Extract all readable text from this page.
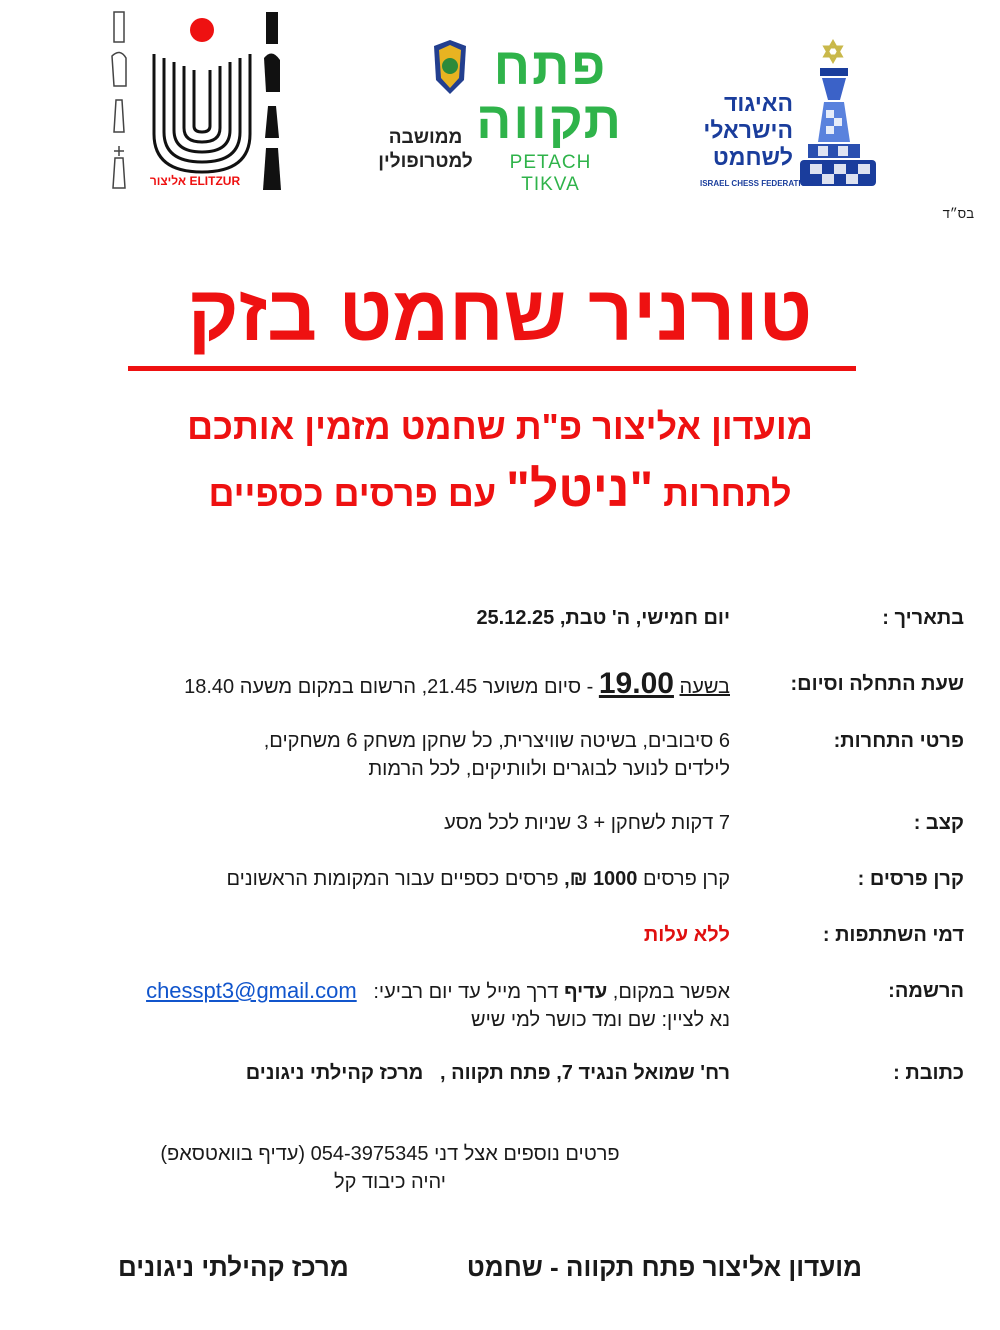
האיגוד
הישראלי
לשחמט
ISRAEL CHESS FEDERATION
פתח תקווה
PETACH TIKVA
ממושבה
למטרופולין
אליצור ELITZUR
בס״ד
טורניר שחמט בזק
מועדון אליצור פ"ת שחמט מזמין אותכם
לתחרות "ניטל" עם פרסים כספיים
בתאריך :
יום חמישי, ה' טבת, 25.12.25
שעת התחלה וסיום:
בשעה 19.00 - סיום משוער 21.45, הרשום במקום משעה 18.40
פרטי התחרות:
6 סיבובים, בשיטה שוויצרית, כל שחקן משחק 6 משחקים,
לילדים לנוער לבוגרים ולוותיקים, לכל הרמות
קצב :
7 דקות לשחקן + 3 שניות לכל מסע
קרן פרסים :
קרן פרסים 1000 ₪, פרסים כספיים עבור המקומות הראשונים
דמי השתתפות :
ללא עלות
הרשמה:
אפשר במקום, עדיף דרך מייל עד יום רביעי:   chesspt3@gmail.com
נא לציין: שם ומד כושר למי שיש
כתובת :
רח' שמואל הנגיד 7, פתח תקווה ,   מרכז קהילתי ניגונים
פרטים נוספים אצל דני 054-3975345 (עדיף בוואטסאפ)
יהיה כיבוד קל
מרכז קהילתי ניגונים	מועדון אליצור פתח תקווה - שחמט
